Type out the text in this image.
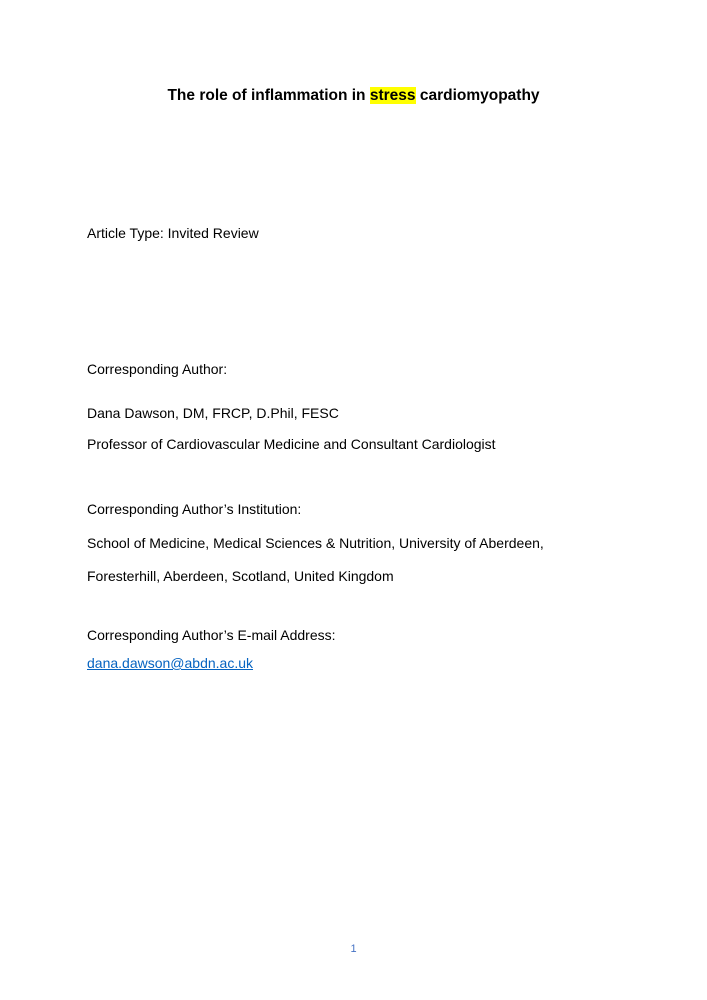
The role of inflammation in stress cardiomyopathy
Article Type: Invited Review
Corresponding Author:
Dana Dawson, DM, FRCP, D.Phil, FESC
Professor of Cardiovascular Medicine and Consultant Cardiologist
Corresponding Author’s Institution:
School of Medicine, Medical Sciences & Nutrition, University of Aberdeen,
Foresterhill, Aberdeen, Scotland, United Kingdom
Corresponding Author’s E-mail Address:
dana.dawson@abdn.ac.uk
1
